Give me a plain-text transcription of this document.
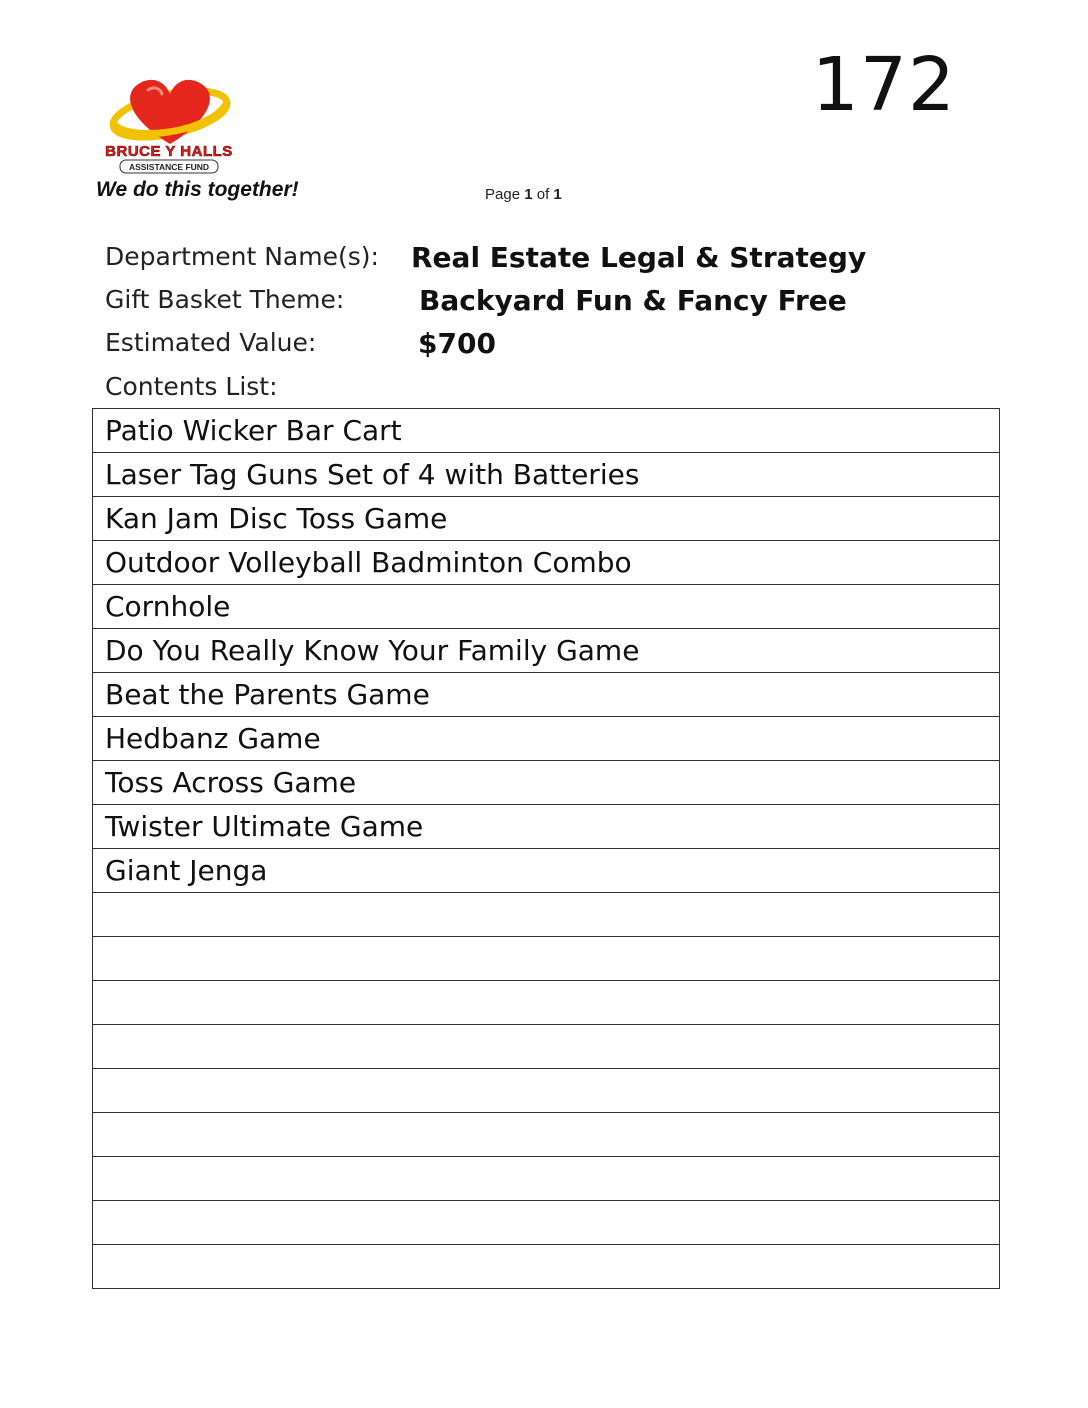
BRUCE Y HALLS
ASSISTANCE FUND
We do this together!	Page 1 of 1
172
Department Name(s): Real Estate Legal & Strategy
Gift Basket Theme:	Backyard Fun & Fancy Free
Estimated Value:	$700
Contents List:
Patio Wicker Bar Cart
Laser Tag Guns Set of 4 with Batteries
Kan Jam Disc Toss Game
Outdoor Volleyball Badminton Combo
Cornhole
Do You Really Know Your Family Game
Beat the Parents Game
Hedbanz Game
Toss Across Game
Twister Ultimate Game
Giant Jenga
